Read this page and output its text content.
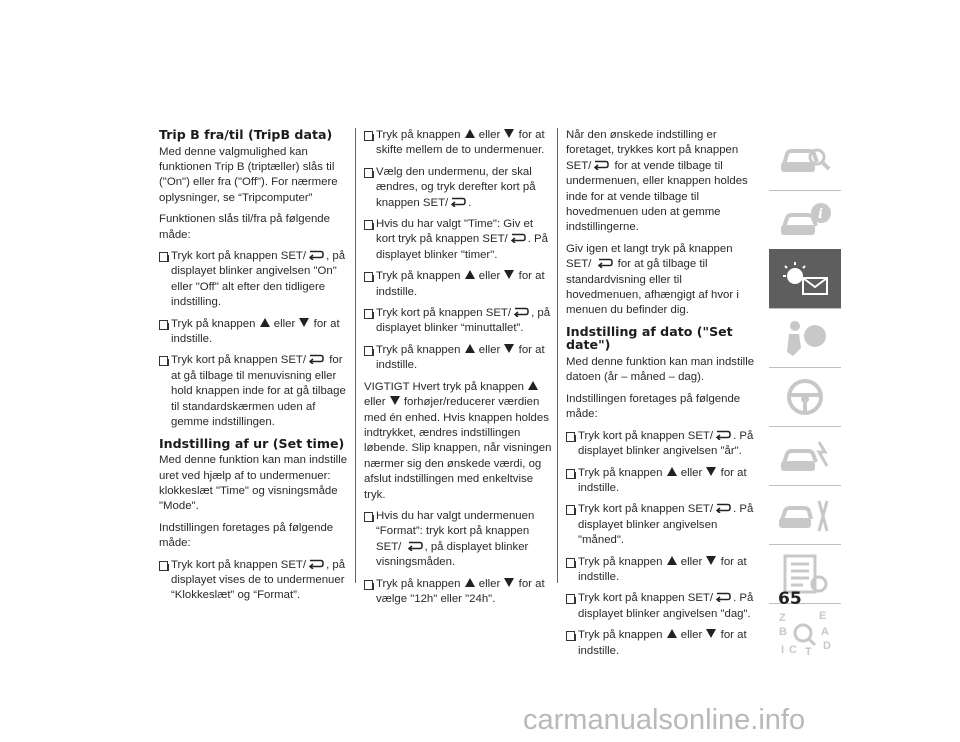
Trip B fra/til (TripB data)

Med denne valgmulighed kan funktionen Trip B (triptæller) slås til ("On") eller fra ("Off"). For nærmere oplysninger, se “Tripcomputer”

Funktionen slås til/fra på følgende måde:

Tryk kort på knappen SET/ , på displayet blinker angivelsen "On" eller "Off" alt efter den tidligere indstilling.
Tryk på knappen eller for at indstille.
Tryk kort på knappen SET/ for at gå tilbage til menuvisning eller hold knappen inde for at gå tilbage til standardskærmen uden af gemme indstillingen.
Indstilling af ur (Set time)

Med denne funktion kan man indstille uret ved hjælp af to undermenuer: klokkeslæt "Time" og visningsmåde "Mode".

Indstillingen foretages på følgende måde:

Tryk kort på knappen SET/ , på displayet vises de to undermenuer “Klokkeslæt” og “Format”.
Tryk på knappen eller for at skifte mellem de to undermenuer.
Vælg den undermenu, der skal ændres, og tryk derefter kort på knappen SET/ .
Hvis du har valgt "Time": Giv et kort tryk på knappen SET/ . På displayet blinker "timer".
Tryk på knappen eller for at indstille.
Tryk kort på knappen SET/ , på displayet blinker “minuttallet”.
Tryk på knappen eller for at indstille.

VIGTIGT Hvert tryk på knappen  eller forhøjer/reducerer værdien med én enhed. Hvis knappen holdes indtrykket, ændres indstillingen løbende. Slip knappen, når visningen nærmer sig den ønskede værdi, og afslut indstillingen med enkeltvise tryk.

Hvis du har valgt undermenuen “Format”: tryk kort på knappen SET/ , på displayet blinker visningsmåden.
Tryk på knappen eller for at vælge "12h" eller "24h".

Når den ønskede indstilling er foretaget, trykkes kort på knappen SET/ for at vende tilbage til undermenuen, eller knappen holdes inde for at vende tilbage til hovedmenuen uden at gemme indstillingerne.

Giv igen et langt tryk på knappen SET/ for at gå tilbage til standardvisning eller til hovedmenuen, afhængigt af hvor i menuen du befinder dig.

Indstilling af dato ("Set date")

Med denne funktion kan man indstille datoen (år – måned – dag).

Indstillingen foretages på følgende måde:

Tryk kort på knappen SET/ . På displayet blinker angivelsen "år".
Tryk på knappen eller for at indstille.
Tryk kort på knappen SET/ . På displayet blinker angivelsen "måned".
Tryk på knappen eller for at indstille.
Tryk kort på knappen SET/ . På displayet blinker angivelsen "dag".
Tryk på knappen eller for at indstille.
i
Z	E
B	A
C T D
I
65
carmanualsonline.info
